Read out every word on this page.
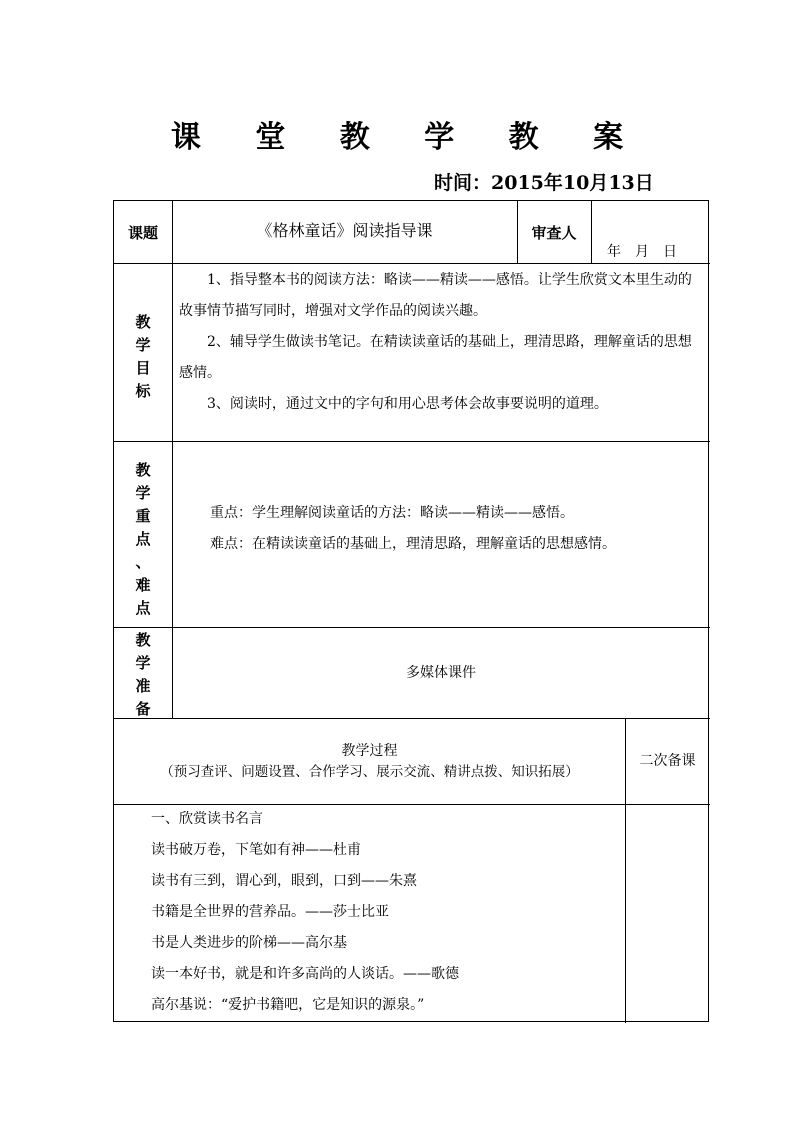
课 堂 教 学 教 案
时间：2015年10月13日
课题	《格林童话》阅读指导课	审查人
年　月　日
教
学
目
标
1、指导整本书的阅读方法：略读——精读——感悟。让学生欣赏文本里生动的故事情节描写同时，增强对文学作品的阅读兴趣。
2、辅导学生做读书笔记。在精读读童话的基础上，理清思路，理解童话的思想感情。
3、阅读时，通过文中的字句和用心思考体会故事要说明的道理。
教
学
重
点
、
难
点
重点：学生理解阅读童话的方法：略读——精读——感悟。
难点：在精读读童话的基础上，理清思路，理解童话的思想感情。
教
学
准
备
多媒体课件
教学过程
（预习查评、问题设置、合作学习、展示交流、精讲点拨、知识拓展）
二次备课
一、欣赏读书名言
读书破万卷，下笔如有神——杜甫
读书有三到，谓心到，眼到，口到——朱熹
书籍是全世界的营养品。——莎士比亚
书是人类进步的阶梯——高尔基
读一本好书，就是和许多高尚的人谈话。——歌德
高尔基说：“爱护书籍吧，它是知识的源泉。”
